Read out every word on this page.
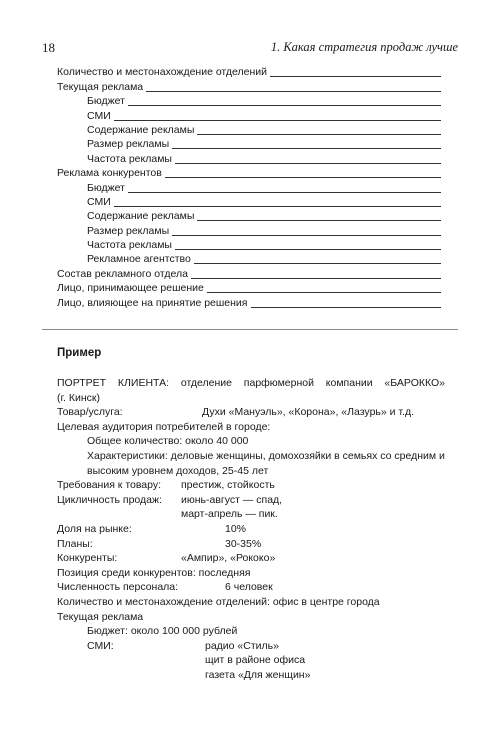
18	1. Какая стратегия продаж лучше
Количество и местонахождение отделений
Текущая реклама
Бюджет
СМИ
Содержание рекламы
Размер рекламы
Частота рекламы
Реклама конкурентов
Бюджет
СМИ
Содержание рекламы
Размер рекламы
Частота рекламы
Рекламное агентство
Состав рекламного отдела
Лицо, принимающее решение
Лицо, влияющее на принятие решения
Пример
ПОРТРЕТ КЛИЕНТА: отделение парфюмерной компании «БАРОККО»
(г. Кинск)
Товар/услуга:	Духи «Мануэль», «Корона», «Лазурь» и т.д.
Целевая аудитория потребителей в городе:
Общее количество: около 40 000
Характеристики: деловые женщины, домохозяйки в семьях со средним и высоким уровнем доходов, 25-45 лет
Требования к товару: престиж, стойкость
Цикличность продаж: июнь-август — спад,
март-апрель — пик.
Доля на рынке:	10%
Планы:	30-35%
Конкуренты:	«Ампир», «Рококо»
Позиция среди конкурентов: последняя
Численность персонала:	6 человек
Количество и местонахождение отделений: офис в центре города
Текущая реклама
Бюджет: около 100 000 рублей
СМИ:	радио «Стиль»
щит в районе офиса
газета «Для женщин»
